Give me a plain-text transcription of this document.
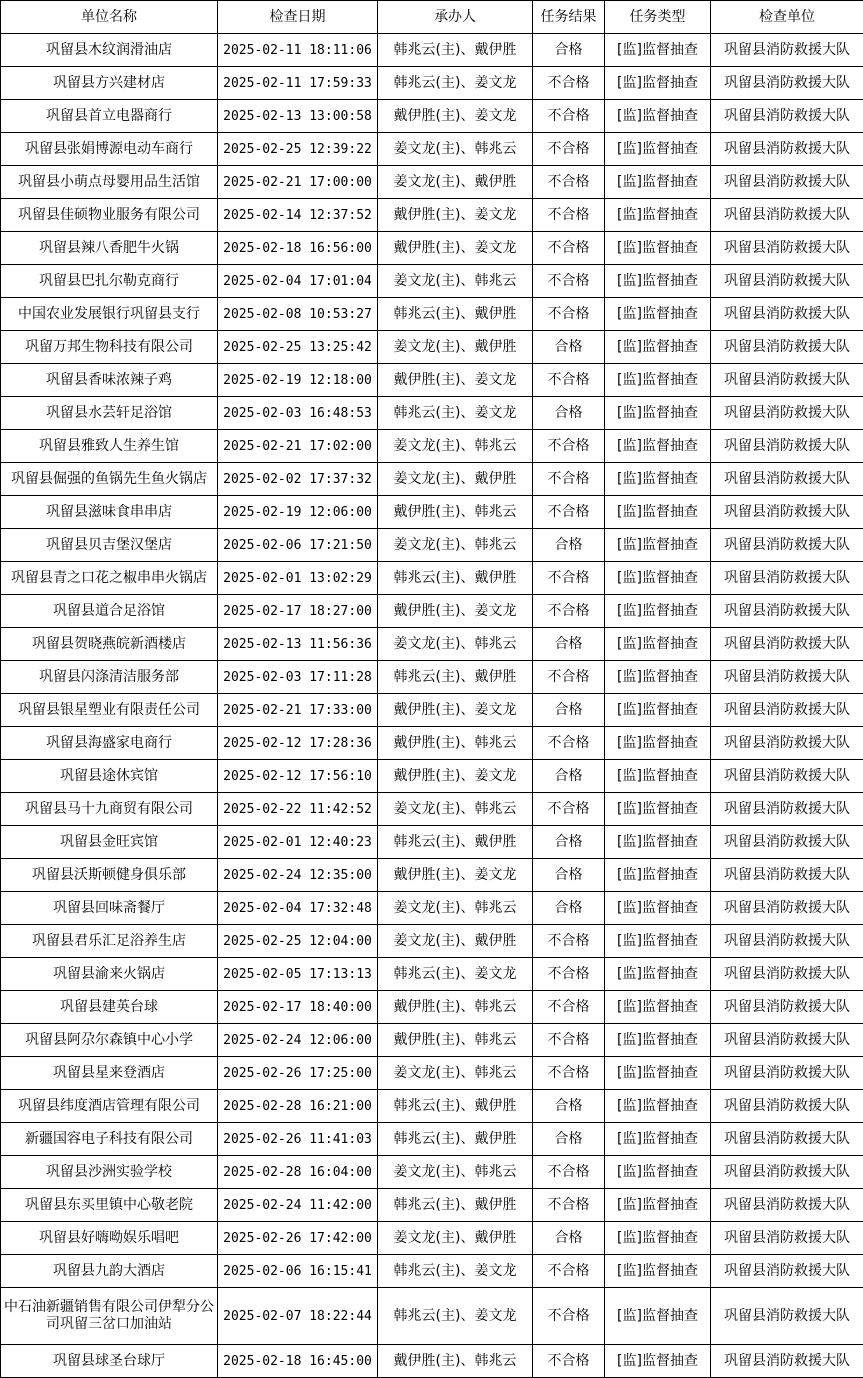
单位名称	检查日期	承办人	任务结果	任务类型	检查单位
巩留县木纹润滑油店	2025-02-11 18:11:06	韩兆云(主)、戴伊胜	合格	[监]监督抽查	巩留县消防救援大队
巩留县方兴建材店	2025-02-11 17:59:33	韩兆云(主)、姜文龙	不合格	[监]监督抽查	巩留县消防救援大队
巩留县首立电器商行	2025-02-13 13:00:58	戴伊胜(主)、姜文龙	不合格	[监]监督抽查	巩留县消防救援大队
巩留县张娟博源电动车商行	2025-02-25 12:39:22	姜文龙(主)、韩兆云	不合格	[监]监督抽查	巩留县消防救援大队
巩留县小萌点母婴用品生活馆	2025-02-21 17:00:00	姜文龙(主)、戴伊胜	不合格	[监]监督抽查	巩留县消防救援大队
巩留县佳硕物业服务有限公司	2025-02-14 12:37:52	戴伊胜(主)、姜文龙	不合格	[监]监督抽查	巩留县消防救援大队
巩留县辣八香肥牛火锅	2025-02-18 16:56:00	戴伊胜(主)、姜文龙	不合格	[监]监督抽查	巩留县消防救援大队
巩留县巴扎尔勒克商行	2025-02-04 17:01:04	姜文龙(主)、韩兆云	不合格	[监]监督抽查	巩留县消防救援大队
中国农业发展银行巩留县支行	2025-02-08 10:53:27	韩兆云(主)、戴伊胜	不合格	[监]监督抽查	巩留县消防救援大队
巩留万邦生物科技有限公司	2025-02-25 13:25:42	姜文龙(主)、戴伊胜	合格	[监]监督抽查	巩留县消防救援大队
巩留县香味浓辣子鸡	2025-02-19 12:18:00	戴伊胜(主)、姜文龙	不合格	[监]监督抽查	巩留县消防救援大队
巩留县水芸轩足浴馆	2025-02-03 16:48:53	韩兆云(主)、姜文龙	合格	[监]监督抽查	巩留县消防救援大队
巩留县雅致人生养生馆	2025-02-21 17:02:00	姜文龙(主)、韩兆云	不合格	[监]监督抽查	巩留县消防救援大队
巩留县倔强的鱼锅先生鱼火锅店	2025-02-02 17:37:32	姜文龙(主)、戴伊胜	不合格	[监]监督抽查	巩留县消防救援大队
巩留县滋味食串串店	2025-02-19 12:06:00	戴伊胜(主)、韩兆云	不合格	[监]监督抽查	巩留县消防救援大队
巩留县贝吉堡汉堡店	2025-02-06 17:21:50	姜文龙(主)、韩兆云	合格	[监]监督抽查	巩留县消防救援大队
巩留县青之口花之椒串串火锅店	2025-02-01 13:02:29	韩兆云(主)、戴伊胜	不合格	[监]监督抽查	巩留县消防救援大队
巩留县道合足浴馆	2025-02-17 18:27:00	戴伊胜(主)、姜文龙	不合格	[监]监督抽查	巩留县消防救援大队
巩留县贺晓燕皖新酒楼店	2025-02-13 11:56:36	姜文龙(主)、韩兆云	合格	[监]监督抽查	巩留县消防救援大队
巩留县闪涤清洁服务部	2025-02-03 17:11:28	韩兆云(主)、戴伊胜	不合格	[监]监督抽查	巩留县消防救援大队
巩留县银星塑业有限责任公司	2025-02-21 17:33:00	戴伊胜(主)、姜文龙	合格	[监]监督抽查	巩留县消防救援大队
巩留县海盛家电商行	2025-02-12 17:28:36	戴伊胜(主)、韩兆云	不合格	[监]监督抽查	巩留县消防救援大队
巩留县途休宾馆	2025-02-12 17:56:10	戴伊胜(主)、姜文龙	合格	[监]监督抽查	巩留县消防救援大队
巩留县马十九商贸有限公司	2025-02-22 11:42:52	姜文龙(主)、韩兆云	不合格	[监]监督抽查	巩留县消防救援大队
巩留县金旺宾馆	2025-02-01 12:40:23	韩兆云(主)、戴伊胜	合格	[监]监督抽查	巩留县消防救援大队
巩留县沃斯顿健身俱乐部	2025-02-24 12:35:00	戴伊胜(主)、姜文龙	合格	[监]监督抽查	巩留县消防救援大队
巩留县回味斋餐厅	2025-02-04 17:32:48	姜文龙(主)、韩兆云	合格	[监]监督抽查	巩留县消防救援大队
巩留县君乐汇足浴养生店	2025-02-25 12:04:00	姜文龙(主)、戴伊胜	不合格	[监]监督抽查	巩留县消防救援大队
巩留县渝来火锅店	2025-02-05 17:13:13	韩兆云(主)、姜文龙	不合格	[监]监督抽查	巩留县消防救援大队
巩留县建英台球	2025-02-17 18:40:00	戴伊胜(主)、韩兆云	不合格	[监]监督抽查	巩留县消防救援大队
巩留县阿尕尔森镇中心小学	2025-02-24 12:06:00	戴伊胜(主)、韩兆云	不合格	[监]监督抽查	巩留县消防救援大队
巩留县星来登酒店	2025-02-26 17:25:00	姜文龙(主)、韩兆云	不合格	[监]监督抽查	巩留县消防救援大队
巩留县纬度酒店管理有限公司	2025-02-28 16:21:00	韩兆云(主)、戴伊胜	合格	[监]监督抽查	巩留县消防救援大队
新疆国容电子科技有限公司	2025-02-26 11:41:03	韩兆云(主)、戴伊胜	合格	[监]监督抽查	巩留县消防救援大队
巩留县沙洲实验学校	2025-02-28 16:04:00	姜文龙(主)、韩兆云	不合格	[监]监督抽查	巩留县消防救援大队
巩留县东买里镇中心敬老院	2025-02-24 11:42:00	韩兆云(主)、戴伊胜	不合格	[监]监督抽查	巩留县消防救援大队
巩留县好嗨呦娱乐唱吧	2025-02-26 17:42:00	姜文龙(主)、戴伊胜	合格	[监]监督抽查	巩留县消防救援大队
巩留县九韵大酒店	2025-02-06 16:15:41	韩兆云(主)、姜文龙	不合格	[监]监督抽查	巩留县消防救援大队
中石油新疆销售有限公司伊犁分公司巩留三岔口加油站	2025-02-07 18:22:44	韩兆云(主)、姜文龙	不合格	[监]监督抽查	巩留县消防救援大队
巩留县球圣台球厅	2025-02-18 16:45:00	戴伊胜(主)、韩兆云	不合格	[监]监督抽查	巩留县消防救援大队
